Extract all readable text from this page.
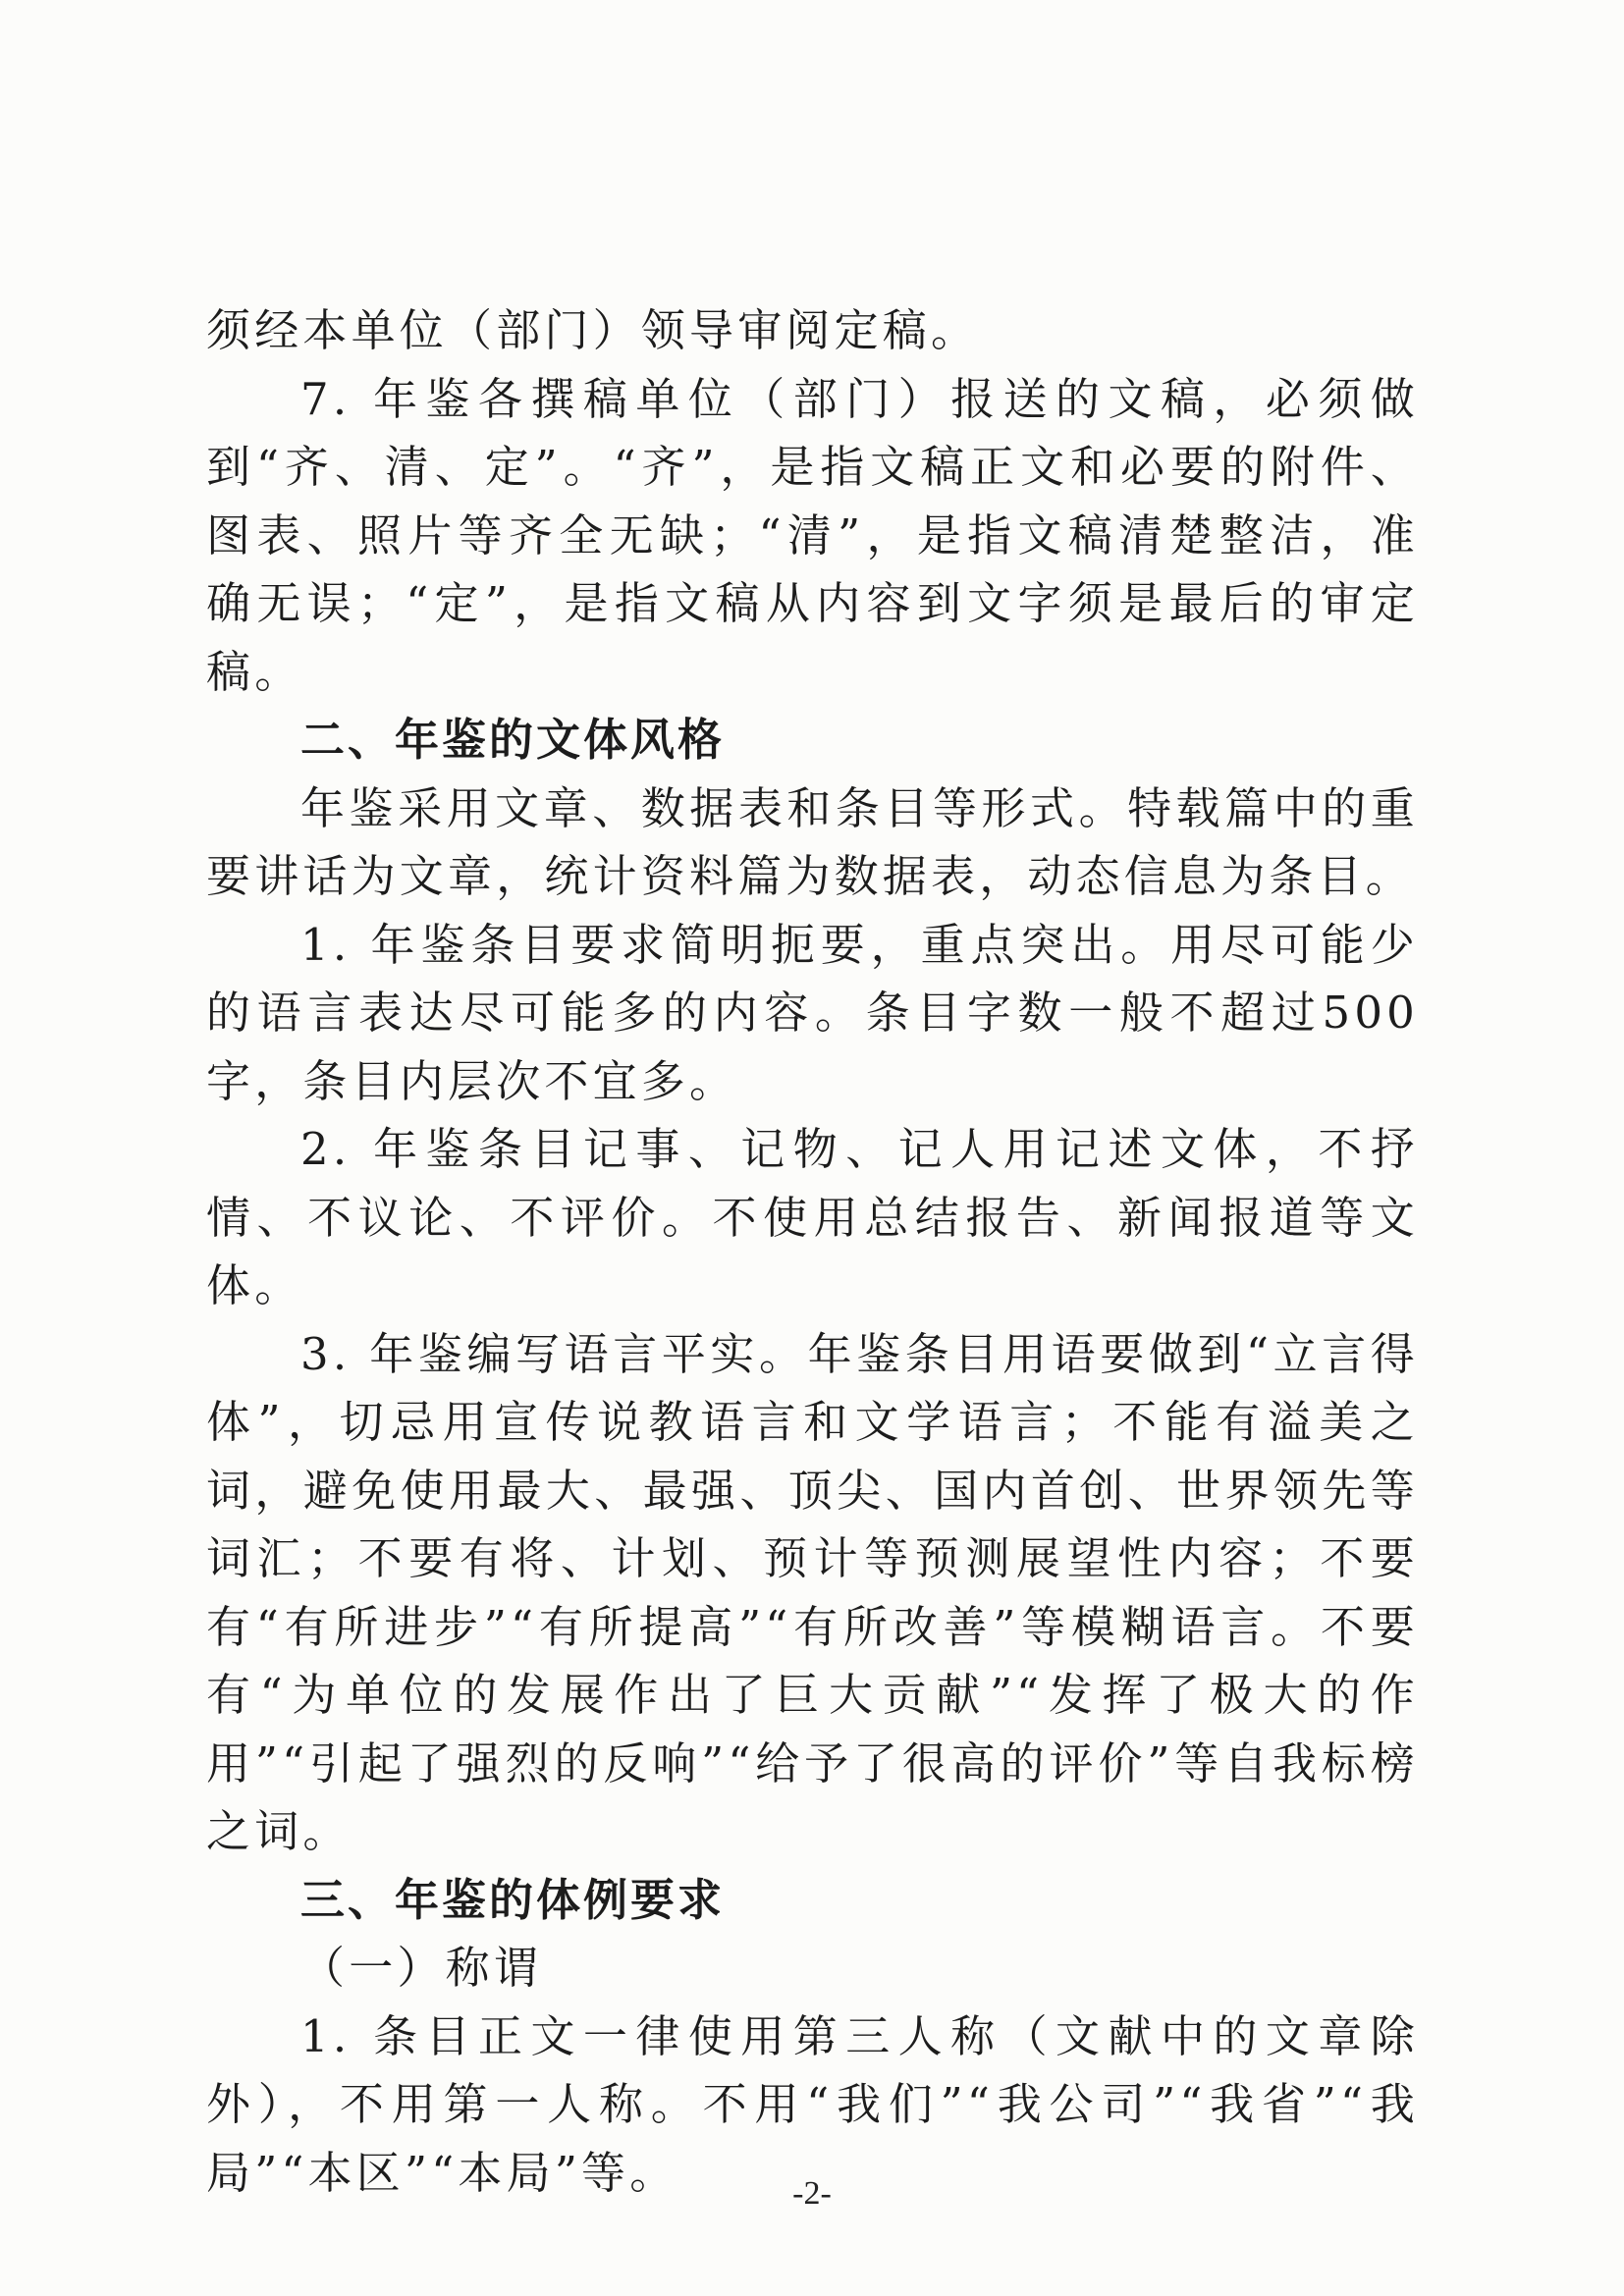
须经本单位（部门）领导审阅定稿。

7. 年鉴各撰稿单位（部门）报送的文稿，必须做到“齐、清、定”。“齐”，是指文稿正文和必要的附件、图表、照片等齐全无缺；“清”，是指文稿清楚整洁，准确无误；“定”，是指文稿从内容到文字须是最后的审定稿。

二、年鉴的文体风格

年鉴采用文章、数据表和条目等形式。特载篇中的重要讲话为文章，统计资料篇为数据表，动态信息为条目。

1. 年鉴条目要求简明扼要，重点突出。用尽可能少的语言表达尽可能多的内容。条目字数一般不超过500字，条目内层次不宜多。

2. 年鉴条目记事、记物、记人用记述文体，不抒情、不议论、不评价。不使用总结报告、新闻报道等文体。

3. 年鉴编写语言平实。年鉴条目用语要做到“立言得体”，切忌用宣传说教语言和文学语言；不能有溢美之词，避免使用最大、最强、顶尖、国内首创、世界领先等词汇；不要有将、计划、预计等预测展望性内容；不要有“有所进步”“有所提高”“有所改善”等模糊语言。不要有“为单位的发展作出了巨大贡献”“发挥了极大的作用”“引起了强烈的反响”“给予了很高的评价”等自我标榜之词。

三、年鉴的体例要求

（一）称谓

1. 条目正文一律使用第三人称（文献中的文章除外），不用第一人称。不用“我们”“我公司”“我省”“我局”“本区”“本局”等。	-2-
